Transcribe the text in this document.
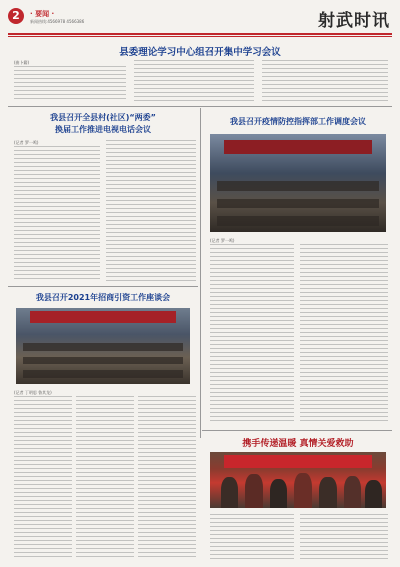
2	· 要闻 ·
新闻热线:4566978 4566386	射武时讯
县委理论学习中心组召开集中学习会议
(曲卜籍)
我县召开全县村(社区)“两委”
换届工作推进电视电话会议
(记者 罗一鸣)
我县召开疫情防控指挥部工作调度会议
(记者 罗一鸣)
我县召开2021年招商引资工作座谈会
(记者 丁明思 鲁其龙)
携手传递温暖 真情关爱救助
